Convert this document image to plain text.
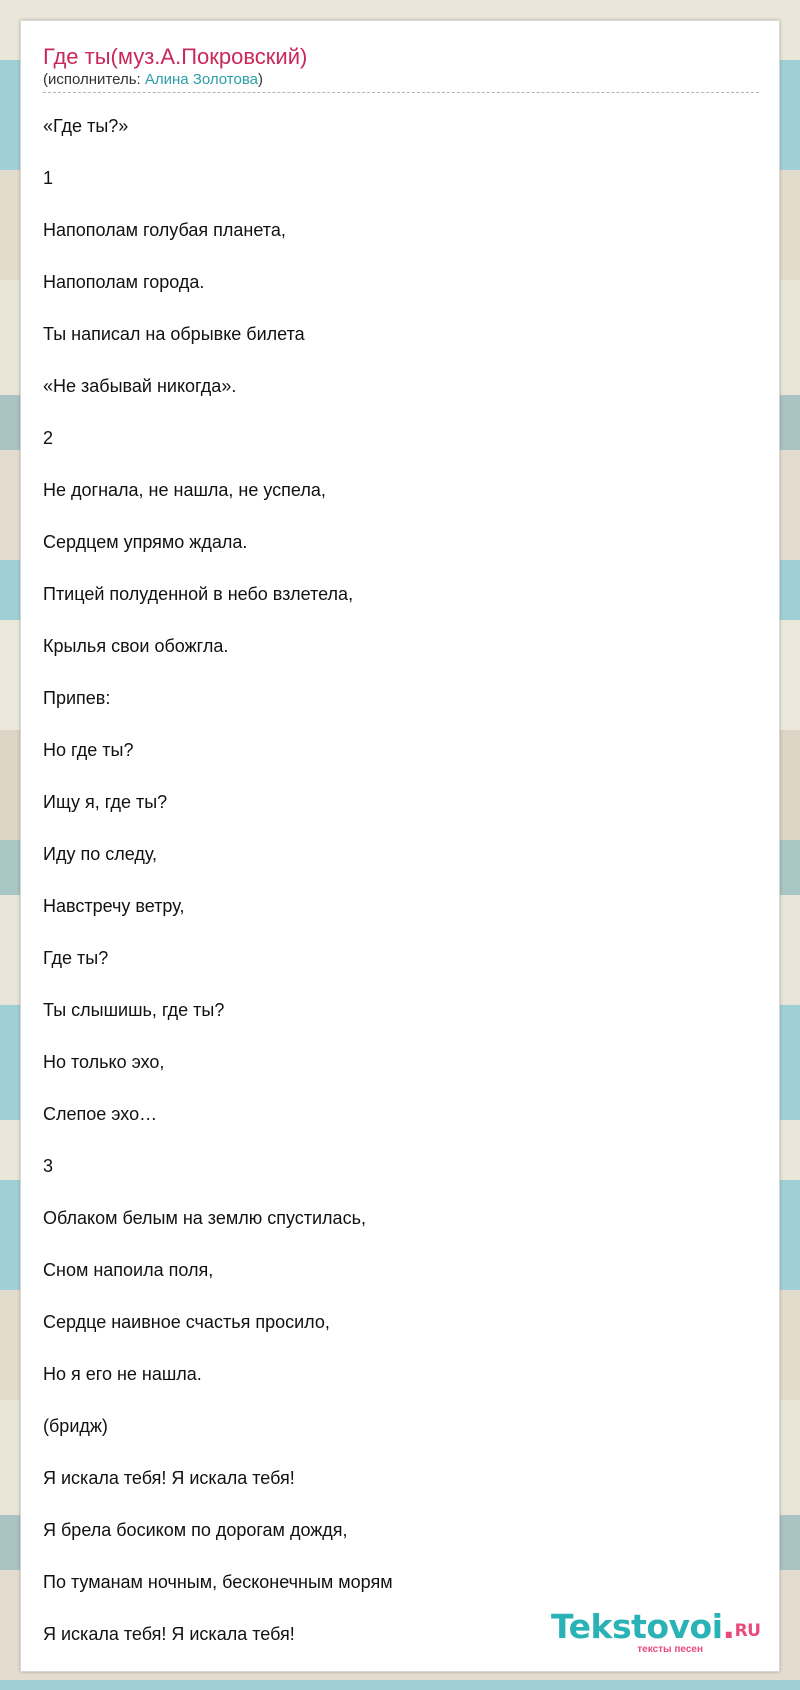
Где ты(муз.А.Покровский)
(исполнитель: Алина Золотова)
«Где ты?»
1
Напополам голубая планета,
Напополам города.
Ты написал на обрывке билета
«Не забывай никогда».
2
Не догнала, не нашла, не успела,
Сердцем упрямо ждала.
Птицей полуденной в небо взлетела,
Крылья свои обожгла.
Припев:
Но где ты?
Ищу я, где ты?
Иду по следу,
Навстречу ветру,
Где ты?
Ты слышишь, где ты?
Но только эхо,
Слепое эхо…
3
Облаком белым на землю спустилась,
Сном напоила поля,
Сердце наивное счастья просило,
Но я его не нашла.
(бридж)
Я искала тебя! Я искала тебя!
Я брела босиком по дорогам дождя,
По туманам ночным, бесконечным морям
Я искала тебя! Я искала тебя!	Tekstovoi.RU
тексты песен
